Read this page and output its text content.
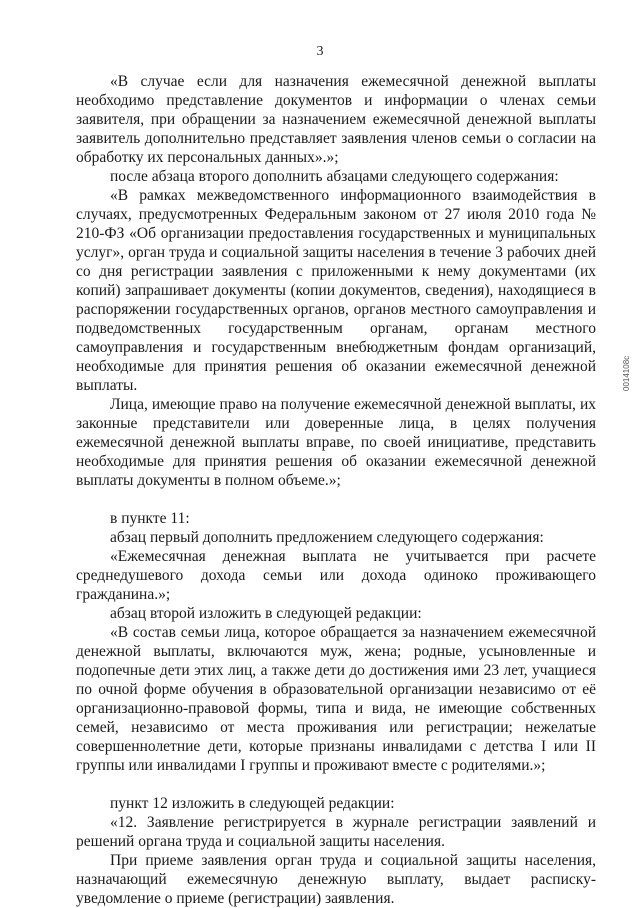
3
0014108c

«В случае если для назначения ежемесячной денежной выплаты необходимо представление документов и информации о членах семьи заявителя, при обращении за назначением ежемесячной денежной выплаты заявитель дополнительно представляет заявления членов семьи о согласии на обработку их персональных данных».»;

после абзаца второго дополнить абзацами следующего содержания:

«В рамках межведомственного информационного взаимодействия в случаях, предусмотренных Федеральным законом от 27 июля 2010 года № 210-ФЗ «Об организации предоставления государственных и муниципальных услуг», орган труда и социальной защиты населения в течение 3 рабочих дней со дня регистрации заявления с приложенными к нему документами (их копий) запрашивает документы (копии документов, сведения), находящиеся в распоряжении государственных органов, органов местного самоуправления и подведомственных государственным органам, органам местного самоуправления и государственным внебюджетным фондам организаций, необходимые для принятия решения об оказании ежемесячной денежной выплаты.

Лица, имеющие право на получение ежемесячной денежной выплаты, их законные представители или доверенные лица, в целях получения ежемесячной денежной выплаты вправе, по своей инициативе, представить необходимые для принятия решения об оказании ежемесячной денежной выплаты документы в полном объеме.»;

в пункте 11:

абзац первый дополнить предложением следующего содержания:

«Ежемесячная денежная выплата не учитывается при расчете среднедушевого дохода семьи или дохода одиноко проживающего гражданина.»;

абзац второй изложить в следующей редакции:

«В состав семьи лица, которое обращается за назначением ежемесячной денежной выплаты, включаются муж, жена; родные, усыновленные и подопечные дети этих лиц, а также дети до достижения ими 23 лет, учащиеся по очной форме обучения в образовательной организации независимо от её организационно-правовой формы, типа и вида, не имеющие собственных семей, независимо от места проживания или регистрации; нежелатые совершеннолетние дети, которые признаны инвалидами с детства I или II группы или инвалидами I группы и проживают вместе с родителями.»;

пункт 12 изложить в следующей редакции:

«12. Заявление регистрируется в журнале регистрации заявлений и решений органа труда и социальной защиты населения.

При приеме заявления орган труда и социальной защиты населения, назначающий ежемесячную денежную выплату, выдает расписку-уведомление о приеме (регистрации) заявления.
